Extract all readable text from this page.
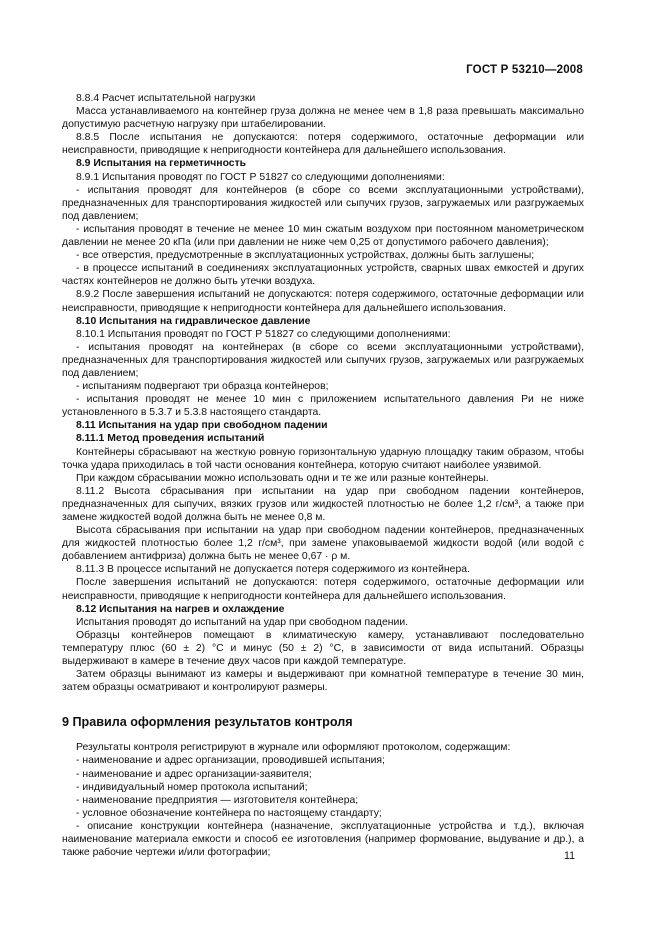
ГОСТ Р 53210—2008

8.8.4 Расчет испытательной нагрузки

Масса устанавливаемого на контейнер груза должна не менее чем в 1,8 раза превышать максимально допустимую расчетную нагрузку при штабелировании.

8.8.5 После испытания не допускаются: потеря содержимого, остаточные деформации или неисправности, приводящие к непригодности контейнера для дальнейшего использования.

8.9 Испытания на герметичность

8.9.1 Испытания проводят по ГОСТ Р 51827 со следующими дополнениями:

- испытания проводят для контейнеров (в сборе со всеми эксплуатационными устройствами), предназначенных для транспортирования жидкостей или сыпучих грузов, загружаемых или разгружаемых под давлением;

- испытания проводят в течение не менее 10 мин сжатым воздухом при постоянном манометрическом давлении не менее 20 кПа (или при давлении не ниже чем 0,25 от допустимого рабочего давления);

- все отверстия, предусмотренные в эксплуатационных устройствах, должны быть заглушены;

- в процессе испытаний в соединениях эксплуатационных устройств, сварных швах емкостей и других частях контейнеров не должно быть утечки воздуха.

8.9.2 После завершения испытаний не допускаются: потеря содержимого, остаточные деформации или неисправности, приводящие к непригодности контейнера для дальнейшего использования.

8.10 Испытания на гидравлическое давление

8.10.1 Испытания проводят по ГОСТ Р 51827 со следующими дополнениями:

- испытания проводят на контейнерах (в сборе со всеми эксплуатационными устройствами), предназначенных для транспортирования жидкостей или сыпучих грузов, загружаемых или разгружаемых под давлением;

- испытаниям подвергают три образца контейнеров;

- испытания проводят не менее 10 мин с приложением испытательного давления Pи не ниже установленного в 5.3.7 и 5.3.8 настоящего стандарта.

8.11 Испытания на удар при свободном падении

8.11.1 Метод проведения испытаний

Контейнеры сбрасывают на жесткую ровную горизонтальную ударную площадку таким образом, чтобы точка удара приходилась в той части основания контейнера, которую считают наиболее уязвимой.

При каждом сбрасывании можно использовать одни и те же или разные контейнеры.

8.11.2 Высота сбрасывания при испытании на удар при свободном падении контейнеров, предназначенных для сыпучих, вязких грузов или жидкостей плотностью не более 1,2 г/см³, а также при замене жидкостей водой должна быть не менее 0,8 м.

Высота сбрасывания при испытании на удар при свободном падении контейнеров, предназначенных для жидкостей плотностью более 1,2 г/см³, при замене упаковываемой жидкости водой (или водой с добавлением антифриза) должна быть не менее 0,67 · ρ м.

8.11.3 В процессе испытаний не допускается потеря содержимого из контейнера.

После завершения испытаний не допускаются: потеря содержимого, остаточные деформации или неисправности, приводящие к непригодности контейнера для дальнейшего использования.

8.12 Испытания на нагрев и охлаждение

Испытания проводят до испытаний на удар при свободном падении.

Образцы контейнеров помещают в климатическую камеру, устанавливают последовательно температуру плюс (60 ± 2) °С и минус (50 ± 2) °С, в зависимости от вида испытаний. Образцы выдерживают в камере в течение двух часов при каждой температуре.

Затем образцы вынимают из камеры и выдерживают при комнатной температуре в течение 30 мин, затем образцы осматривают и контролируют размеры.

9 Правила оформления результатов контроля

Результаты контроля регистрируют в журнале или оформляют протоколом, содержащим:

- наименование и адрес организации, проводившей испытания;

- наименование и адрес организации-заявителя;

- индивидуальный номер протокола испытаний;

- наименование предприятия — изготовителя контейнера;

- условное обозначение контейнера по настоящему стандарту;

- описание конструкции контейнера (назначение, эксплуатационные устройства и т.д.), включая наименование материала емкости и способ ее изготовления (например формование, выдувание и др.), а также рабочие чертежи и/или фотографии;	11
